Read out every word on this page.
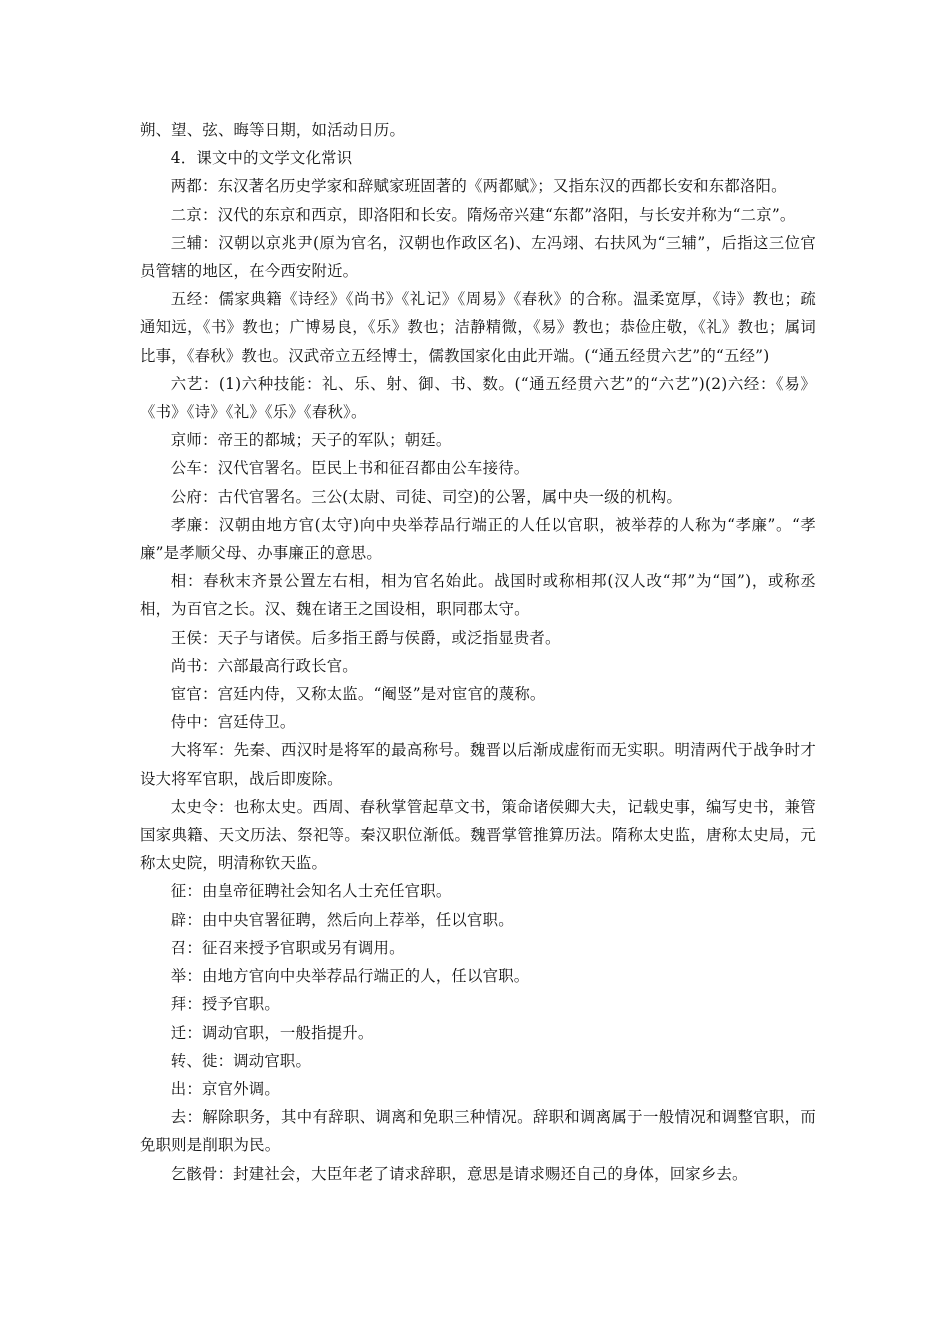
朔、望、弦、晦等日期，如活动日历。

4．课文中的文学文化常识

两都：东汉著名历史学家和辞赋家班固著的《两都赋》；又指东汉的西都长安和东都洛阳。

二京：汉代的东京和西京，即洛阳和长安。隋炀帝兴建“东都”洛阳，与长安并称为“二京”。

三辅：汉朝以京兆尹(原为官名，汉朝也作政区名)、左冯翊、右扶风为“三辅”，后指这三位官员管辖的地区，在今西安附近。

五经：儒家典籍《诗经》《尚书》《礼记》《周易》《春秋》的合称。温柔宽厚，《诗》教也；疏通知远，《书》教也；广博易良，《乐》教也；洁静精微，《易》教也；恭俭庄敬，《礼》教也；属词比事，《春秋》教也。汉武帝立五经博士，儒教国家化由此开端。(“通五经贯六艺”的“五经”)

六艺：(1)六种技能：礼、乐、射、御、书、数。(“通五经贯六艺”的“六艺”)(2)六经：《易》《书》《诗》《礼》《乐》《春秋》。

京师：帝王的都城；天子的军队；朝廷。

公车：汉代官署名。臣民上书和征召都由公车接待。

公府：古代官署名。三公(太尉、司徒、司空)的公署，属中央一级的机构。

孝廉：汉朝由地方官(太守)向中央举荐品行端正的人任以官职，被举荐的人称为“孝廉”。“孝廉”是孝顺父母、办事廉正的意思。

相：春秋末齐景公置左右相，相为官名始此。战国时或称相邦(汉人改“邦”为“国”)，或称丞相，为百官之长。汉、魏在诸王之国设相，职同郡太守。

王侯：天子与诸侯。后多指王爵与侯爵，或泛指显贵者。

尚书：六部最高行政长官。

宦官：宫廷内侍，又称太监。“阉竖”是对宦官的蔑称。

侍中：宫廷侍卫。

大将军：先秦、西汉时是将军的最高称号。魏晋以后渐成虚衔而无实职。明清两代于战争时才设大将军官职，战后即废除。

太史令：也称太史。西周、春秋掌管起草文书，策命诸侯卿大夫，记载史事，编写史书，兼管国家典籍、天文历法、祭祀等。秦汉职位渐低。魏晋掌管推算历法。隋称太史监，唐称太史局，元称太史院，明清称钦天监。

征：由皇帝征聘社会知名人士充任官职。

辟：由中央官署征聘，然后向上荐举，任以官职。

召：征召来授予官职或另有调用。

举：由地方官向中央举荐品行端正的人，任以官职。

拜：授予官职。

迁：调动官职，一般指提升。

转、徙：调动官职。

出：京官外调。

去：解除职务，其中有辞职、调离和免职三种情况。辞职和调离属于一般情况和调整官职，而免职则是削职为民。

乞骸骨：封建社会，大臣年老了请求辞职，意思是请求赐还自己的身体，回家乡去。
